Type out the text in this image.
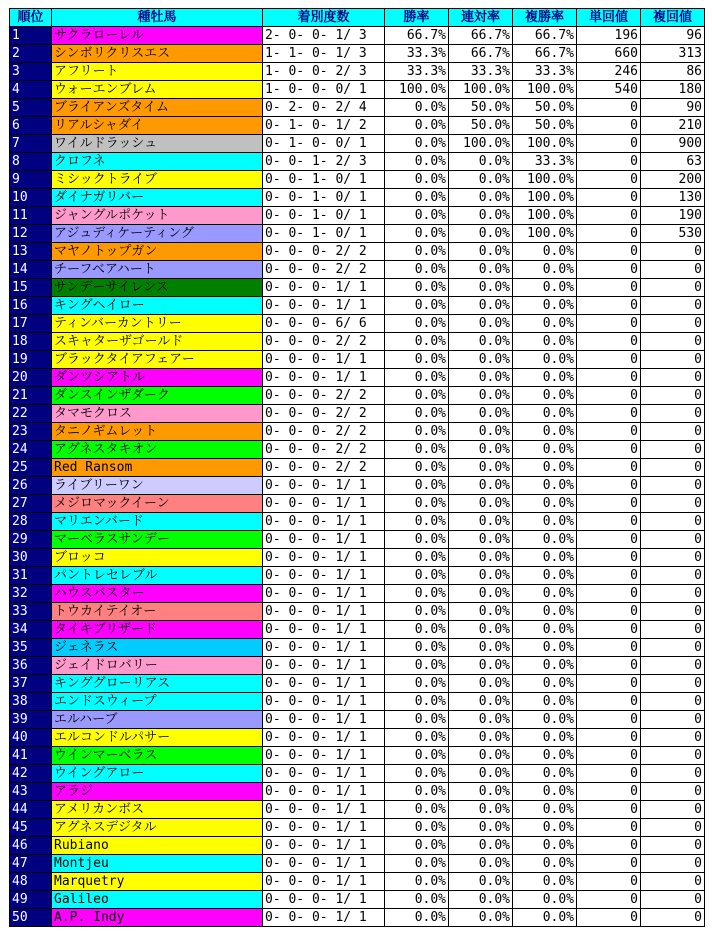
順位	種牡馬	着別度数	勝率	連対率	複勝率	単回値	複回値
1	サクラローレル	2- 0- 0- 1/ 3	66.7%	66.7%	66.7%	196	96
2	シンボリクリスエス	1- 1- 0- 1/ 3	33.3%	66.7%	66.7%	660	313
3	アフリート	1- 0- 0- 2/ 3	33.3%	33.3%	33.3%	246	86
4	ウォーエンブレム	1- 0- 0- 0/ 1	100.0%	100.0%	100.0%	540	180
5	ブライアンズタイム	0- 2- 0- 2/ 4	0.0%	50.0%	50.0%	0	90
6	リアルシャダイ	0- 1- 0- 1/ 2	0.0%	50.0%	50.0%	0	210
7	ワイルドラッシュ	0- 1- 0- 0/ 1	0.0%	100.0%	100.0%	0	900
8	クロフネ	0- 0- 1- 2/ 3	0.0%	0.0%	33.3%	0	63
9	ミシックトライブ	0- 0- 1- 0/ 1	0.0%	0.0%	100.0%	0	200
10	ダイナガリバー	0- 0- 1- 0/ 1	0.0%	0.0%	100.0%	0	130
11	ジャングルポケット	0- 0- 1- 0/ 1	0.0%	0.0%	100.0%	0	190
12	アジュディケーティング	0- 0- 1- 0/ 1	0.0%	0.0%	100.0%	0	530
13	マヤノトップガン	0- 0- 0- 2/ 2	0.0%	0.0%	0.0%	0	0
14	チーフベアハート	0- 0- 0- 2/ 2	0.0%	0.0%	0.0%	0	0
15	サンデーサイレンス	0- 0- 0- 1/ 1	0.0%	0.0%	0.0%	0	0
16	キングヘイロー	0- 0- 0- 1/ 1	0.0%	0.0%	0.0%	0	0
17	ティンバーカントリー	0- 0- 0- 6/ 6	0.0%	0.0%	0.0%	0	0
18	スキャターザゴールド	0- 0- 0- 2/ 2	0.0%	0.0%	0.0%	0	0
19	ブラックタイアフェアー	0- 0- 0- 1/ 1	0.0%	0.0%	0.0%	0	0
20	ダンツシアトル	0- 0- 0- 1/ 1	0.0%	0.0%	0.0%	0	0
21	ダンスインザダーク	0- 0- 0- 2/ 2	0.0%	0.0%	0.0%	0	0
22	タマモクロス	0- 0- 0- 2/ 2	0.0%	0.0%	0.0%	0	0
23	タニノギムレット	0- 0- 0- 2/ 2	0.0%	0.0%	0.0%	0	0
24	アグネスタキオン	0- 0- 0- 2/ 2	0.0%	0.0%	0.0%	0	0
25	Red Ransom	0- 0- 0- 2/ 2	0.0%	0.0%	0.0%	0	0
26	ライブリーワン	0- 0- 0- 1/ 1	0.0%	0.0%	0.0%	0	0
27	メジロマックイーン	0- 0- 0- 1/ 1	0.0%	0.0%	0.0%	0	0
28	マリエンバード	0- 0- 0- 1/ 1	0.0%	0.0%	0.0%	0	0
29	マーベラスサンデー	0- 0- 0- 1/ 1	0.0%	0.0%	0.0%	0	0
30	ブロッコ	0- 0- 0- 1/ 1	0.0%	0.0%	0.0%	0	0
31	パントレセレブル	0- 0- 0- 1/ 1	0.0%	0.0%	0.0%	0	0
32	ハウスバスター	0- 0- 0- 1/ 1	0.0%	0.0%	0.0%	0	0
33	トウカイテイオー	0- 0- 0- 1/ 1	0.0%	0.0%	0.0%	0	0
34	タイキブリザード	0- 0- 0- 1/ 1	0.0%	0.0%	0.0%	0	0
35	ジェネラス	0- 0- 0- 1/ 1	0.0%	0.0%	0.0%	0	0
36	ジェイドロバリー	0- 0- 0- 1/ 1	0.0%	0.0%	0.0%	0	0
37	キンググローリアス	0- 0- 0- 1/ 1	0.0%	0.0%	0.0%	0	0
38	エンドスウィープ	0- 0- 0- 1/ 1	0.0%	0.0%	0.0%	0	0
39	エルハーブ	0- 0- 0- 1/ 1	0.0%	0.0%	0.0%	0	0
40	エルコンドルパサー	0- 0- 0- 1/ 1	0.0%	0.0%	0.0%	0	0
41	ウインマーベラス	0- 0- 0- 1/ 1	0.0%	0.0%	0.0%	0	0
42	ウイングアロー	0- 0- 0- 1/ 1	0.0%	0.0%	0.0%	0	0
43	アラジ	0- 0- 0- 1/ 1	0.0%	0.0%	0.0%	0	0
44	アメリカンボス	0- 0- 0- 1/ 1	0.0%	0.0%	0.0%	0	0
45	アグネスデジタル	0- 0- 0- 1/ 1	0.0%	0.0%	0.0%	0	0
46	Rubiano	0- 0- 0- 1/ 1	0.0%	0.0%	0.0%	0	0
47	Montjeu	0- 0- 0- 1/ 1	0.0%	0.0%	0.0%	0	0
48	Marquetry	0- 0- 0- 1/ 1	0.0%	0.0%	0.0%	0	0
49	Galileo	0- 0- 0- 1/ 1	0.0%	0.0%	0.0%	0	0
50	A.P. Indy	0- 0- 0- 1/ 1	0.0%	0.0%	0.0%	0	0
